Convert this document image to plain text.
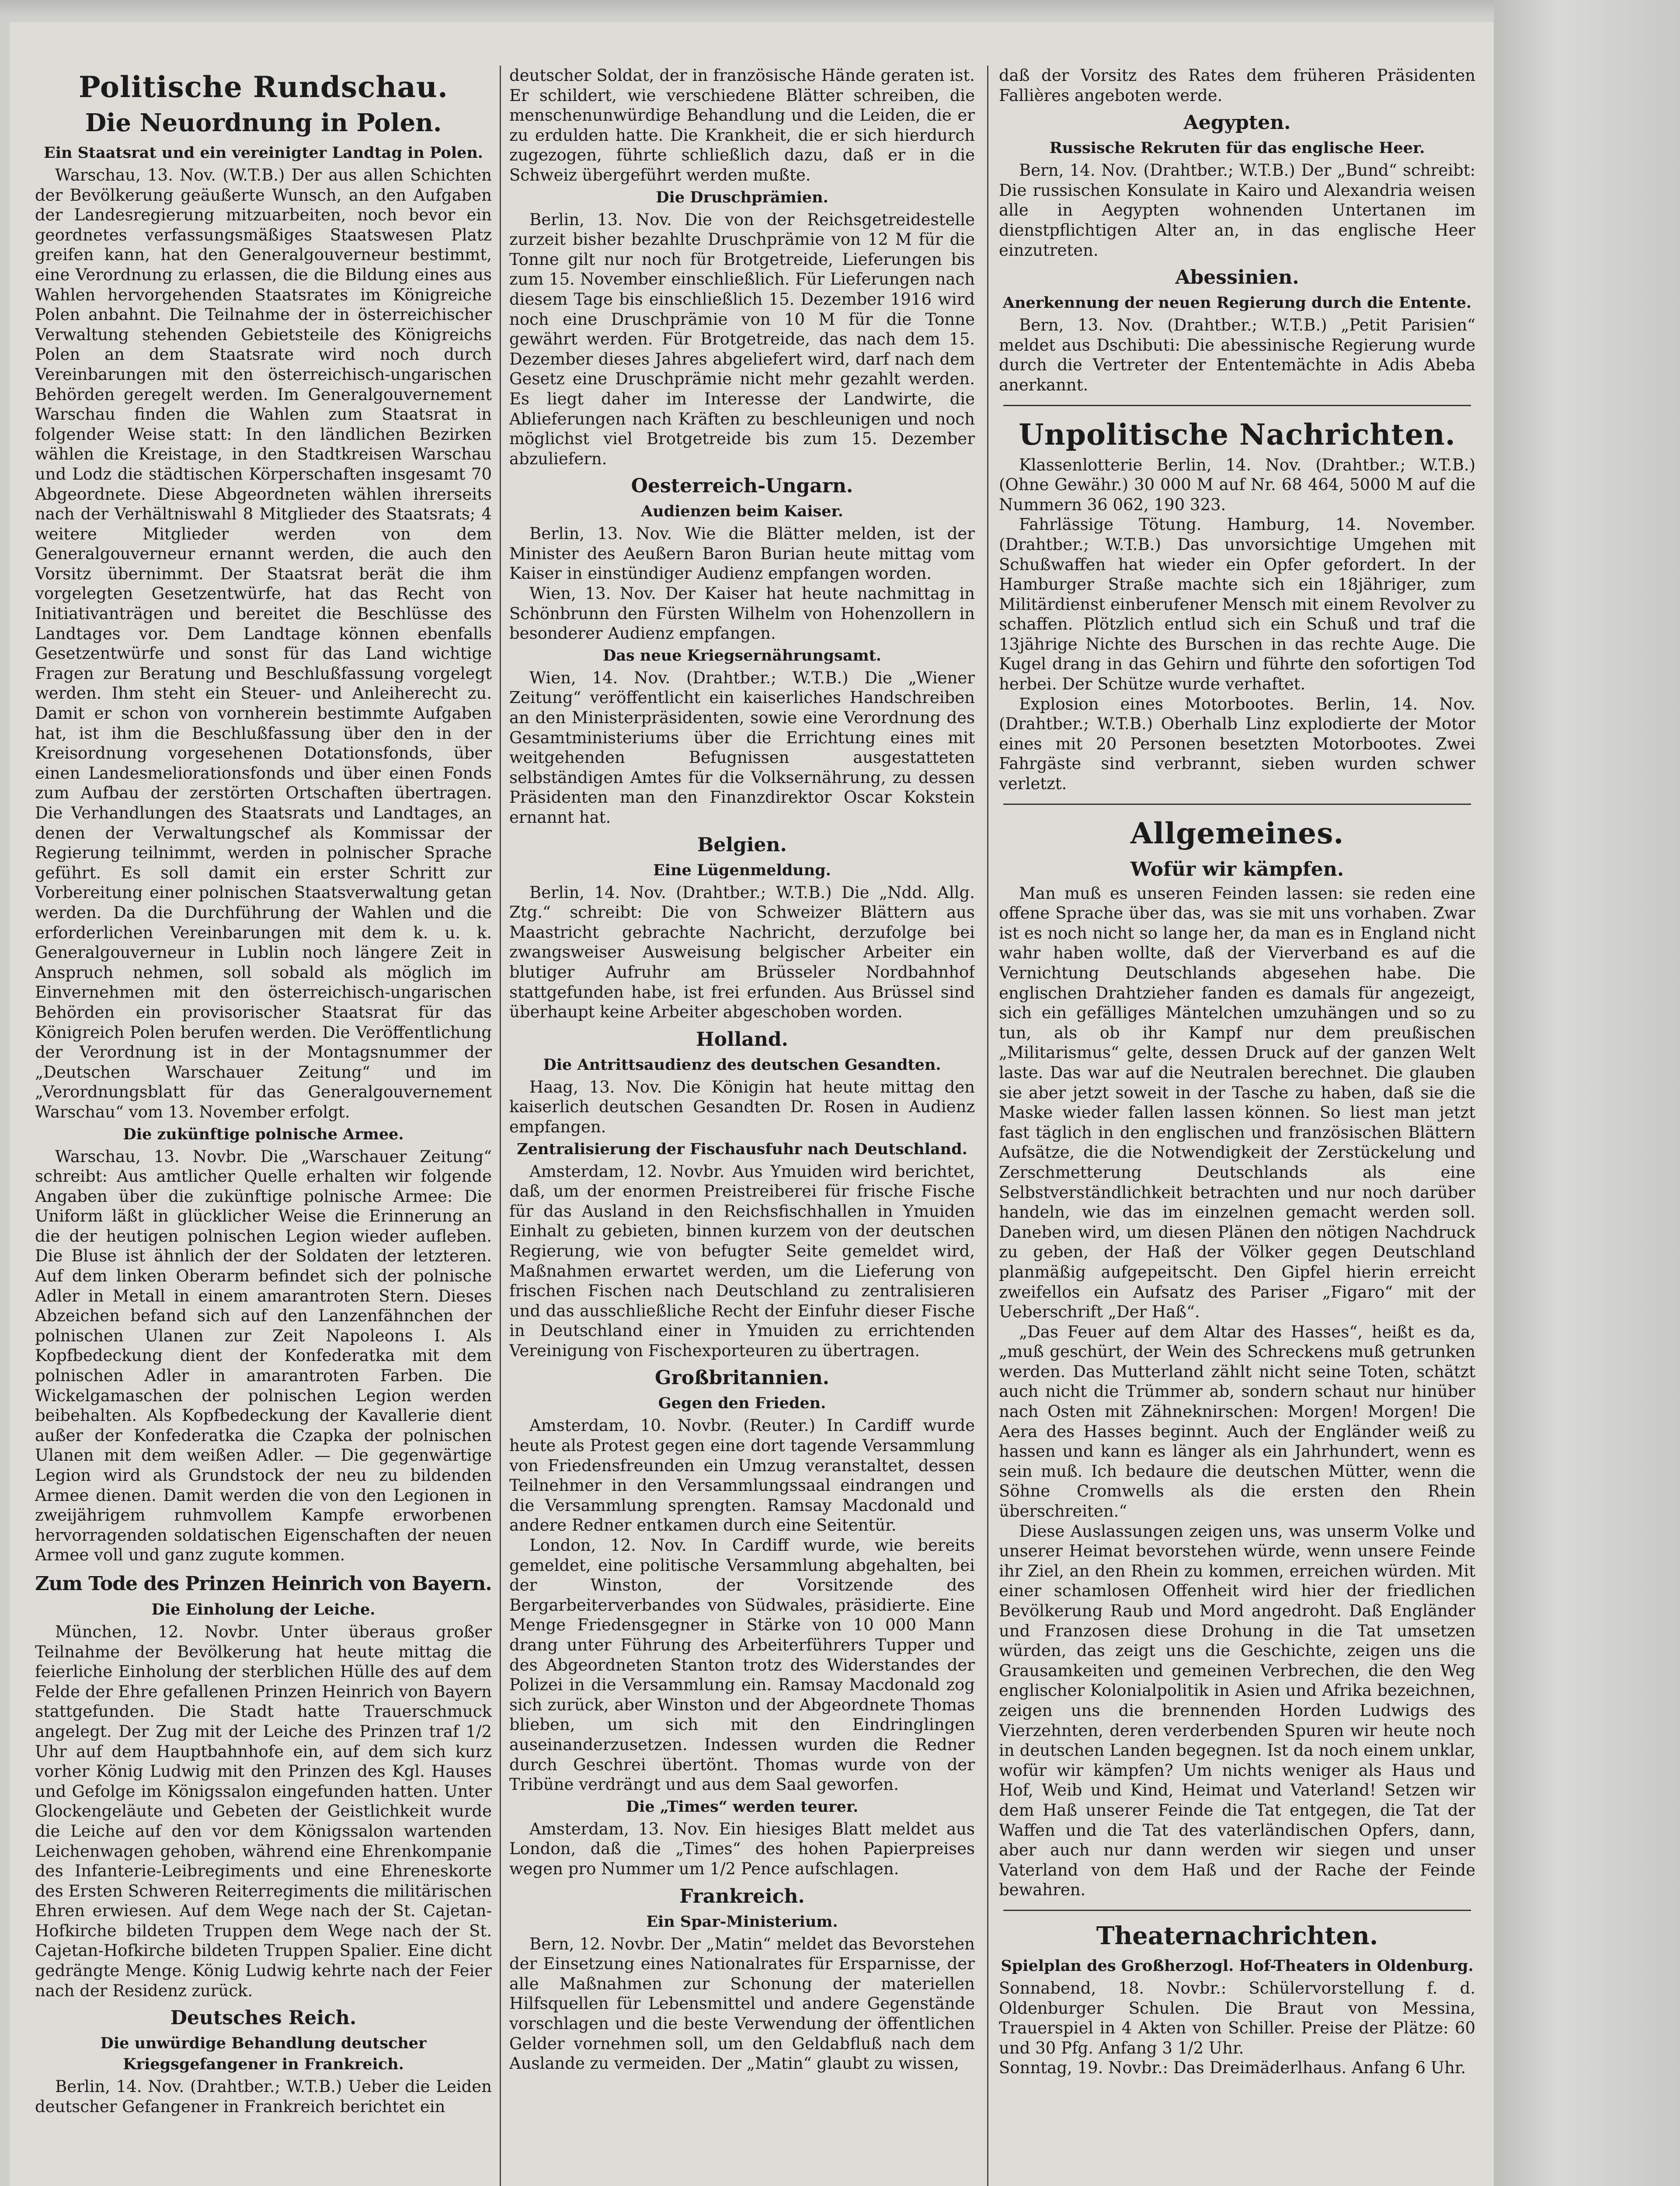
Politische Rundschau.
Die Neuordnung in Polen.
Ein Staatsrat und ein vereinigter Landtag in Polen.

Warschau, 13. Nov. (W.T.B.) Der aus allen Schichten der Bevölkerung geäußerte Wunsch, an den Aufgaben der Landesregierung mitzuarbeiten, noch bevor ein geordnetes verfassungsmäßiges Staatswesen Platz greifen kann, hat den Generalgouverneur bestimmt, eine Verordnung zu erlassen, die die Bildung eines aus Wahlen hervorgehenden Staatsrates im Königreiche Polen anbahnt. Die Teilnahme der in österreichischer Verwaltung stehenden Gebietsteile des Königreichs Polen an dem Staatsrate wird noch durch Vereinbarungen mit den österreichisch-ungarischen Behörden geregelt werden. Im Generalgouvernement Warschau finden die Wahlen zum Staatsrat in folgender Weise statt: In den ländlichen Bezirken wählen die Kreistage, in den Stadtkreisen Warschau und Lodz die städtischen Körperschaften insgesamt 70 Abgeordnete. Diese Abgeordneten wählen ihrerseits nach der Verhältniswahl 8 Mitglieder des Staatsrats; 4 weitere Mitglieder werden von dem Generalgouverneur ernannt werden, die auch den Vorsitz übernimmt. Der Staatsrat berät die ihm vorgelegten Gesetzentwürfe, hat das Recht von Initiativanträgen und bereitet die Beschlüsse des Landtages vor. Dem Landtage können ebenfalls Gesetzentwürfe und sonst für das Land wichtige Fragen zur Beratung und Beschlußfassung vorgelegt werden. Ihm steht ein Steuer- und Anleiherecht zu. Damit er schon von vornherein bestimmte Aufgaben hat, ist ihm die Beschlußfassung über den in der Kreisordnung vorgesehenen Dotationsfonds, über einen Landesmeliorationsfonds und über einen Fonds zum Aufbau der zerstörten Ortschaften übertragen. Die Verhandlungen des Staatsrats und Landtages, an denen der Verwaltungschef als Kommissar der Regierung teilnimmt, werden in polnischer Sprache geführt. Es soll damit ein erster Schritt zur Vorbereitung einer polnischen Staatsverwaltung getan werden. Da die Durchführung der Wahlen und die erforderlichen Vereinbarungen mit dem k. u. k. Generalgouverneur in Lublin noch längere Zeit in Anspruch nehmen, soll sobald als möglich im Einvernehmen mit den österreichisch-ungarischen Behörden ein provisorischer Staatsrat für das Königreich Polen berufen werden. Die Veröffentlichung der Verordnung ist in der Montagsnummer der „Deutschen Warschauer Zeitung“ und im „Verordnungsblatt für das Generalgouvernement Warschau“ vom 13. November erfolgt.

Die zukünftige polnische Armee.

Warschau, 13. Novbr. Die „Warschauer Zeitung“ schreibt: Aus amtlicher Quelle erhalten wir folgende Angaben über die zukünftige polnische Armee: Die Uniform läßt in glücklicher Weise die Erinnerung an die der heutigen polnischen Legion wieder aufleben. Die Bluse ist ähnlich der der Soldaten der letzteren. Auf dem linken Oberarm befindet sich der polnische Adler in Metall in einem amarantroten Stern. Dieses Abzeichen befand sich auf den Lanzenfähnchen der polnischen Ulanen zur Zeit Napoleons I. Als Kopfbedeckung dient der Konfederatka mit dem polnischen Adler in amarantroten Farben. Die Wickelgamaschen der polnischen Legion werden beibehalten. Als Kopfbedeckung der Kavallerie dient außer der Konfederatka die Czapka der polnischen Ulanen mit dem weißen Adler. — Die gegenwärtige Legion wird als Grundstock der neu zu bildenden Armee dienen. Damit werden die von den Legionen in zweijährigem ruhmvollem Kampfe erworbenen hervorragenden soldatischen Eigenschaften der neuen Armee voll und ganz zugute kommen.

Zum Tode des Prinzen Heinrich von Bayern.
Die Einholung der Leiche.

München, 12. Novbr. Unter überaus großer Teilnahme der Bevölkerung hat heute mittag die feierliche Einholung der sterblichen Hülle des auf dem Felde der Ehre gefallenen Prinzen Heinrich von Bayern stattgefunden. Die Stadt hatte Trauerschmuck angelegt. Der Zug mit der Leiche des Prinzen traf 1/2 Uhr auf dem Hauptbahnhofe ein, auf dem sich kurz vorher König Ludwig mit den Prinzen des Kgl. Hauses und Gefolge im Königssalon eingefunden hatten. Unter Glockengeläute und Gebeten der Geistlichkeit wurde die Leiche auf den vor dem Königssalon wartenden Leichenwagen gehoben, während eine Ehrenkompanie des Infanterie-Leibregiments und eine Ehreneskorte des Ersten Schweren Reiterregiments die militärischen Ehren erwiesen. Auf dem Wege nach der St. Cajetan-Hofkirche bildeten Truppen dem Wege nach der St. Cajetan-Hofkirche bildeten Truppen Spalier. Eine dicht gedrängte Menge. König Ludwig kehrte nach der Feier nach der Residenz zurück.

Deutsches Reich.
Die unwürdige Behandlung deutscher Kriegsgefangener in Frankreich.

Berlin, 14. Nov. (Drahtber.; W.T.B.) Ueber die Leiden deutscher Gefangener in Frankreich berichtet ein

deutscher Soldat, der in französische Hände geraten ist. Er schildert, wie verschiedene Blätter schreiben, die menschenunwürdige Behandlung und die Leiden, die er zu erdulden hatte. Die Krankheit, die er sich hierdurch zugezogen, führte schließlich dazu, daß er in die Schweiz übergeführt werden mußte.

Die Druschprämien.

Berlin, 13. Nov. Die von der Reichsgetreidestelle zurzeit bisher bezahlte Druschprämie von 12 M für die Tonne gilt nur noch für Brotgetreide, Lieferungen bis zum 15. November einschließlich. Für Lieferungen nach diesem Tage bis einschließlich 15. Dezember 1916 wird noch eine Druschprämie von 10 M für die Tonne gewährt werden. Für Brotgetreide, das nach dem 15. Dezember dieses Jahres abgeliefert wird, darf nach dem Gesetz eine Druschprämie nicht mehr gezahlt werden. Es liegt daher im Interesse der Landwirte, die Ablieferungen nach Kräften zu beschleunigen und noch möglichst viel Brotgetreide bis zum 15. Dezember abzuliefern.

Oesterreich-Ungarn.
Audienzen beim Kaiser.

Berlin, 13. Nov. Wie die Blätter melden, ist der Minister des Aeußern Baron Burian heute mittag vom Kaiser in einstündiger Audienz empfangen worden.

Wien, 13. Nov. Der Kaiser hat heute nachmittag in Schönbrunn den Fürsten Wilhelm von Hohenzollern in besonderer Audienz empfangen.

Das neue Kriegsernährungsamt.

Wien, 14. Nov. (Drahtber.; W.T.B.) Die „Wiener Zeitung“ veröffentlicht ein kaiserliches Handschreiben an den Ministerpräsidenten, sowie eine Verordnung des Gesamtministeriums über die Errichtung eines mit weitgehenden Befugnissen ausgestatteten selbständigen Amtes für die Volksernährung, zu dessen Präsidenten man den Finanzdirektor Oscar Kokstein ernannt hat.

Belgien.
Eine Lügenmeldung.

Berlin, 14. Nov. (Drahtber.; W.T.B.) Die „Ndd. Allg. Ztg.“ schreibt: Die von Schweizer Blättern aus Maastricht gebrachte Nachricht, derzufolge bei zwangsweiser Ausweisung belgischer Arbeiter ein blutiger Aufruhr am Brüsseler Nordbahnhof stattgefunden habe, ist frei erfunden. Aus Brüssel sind überhaupt keine Arbeiter abgeschoben worden.

Holland.
Die Antrittsaudienz des deutschen Gesandten.

Haag, 13. Nov. Die Königin hat heute mittag den kaiserlich deutschen Gesandten Dr. Rosen in Audienz empfangen.

Zentralisierung der Fischausfuhr nach Deutschland.

Amsterdam, 12. Novbr. Aus Ymuiden wird berichtet, daß, um der enormen Preistreiberei für frische Fische für das Ausland in den Reichsfischhallen in Ymuiden Einhalt zu gebieten, binnen kurzem von der deutschen Regierung, wie von befugter Seite gemeldet wird, Maßnahmen erwartet werden, um die Lieferung von frischen Fischen nach Deutschland zu zentralisieren und das ausschließliche Recht der Einfuhr dieser Fische in Deutschland einer in Ymuiden zu errichtenden Vereinigung von Fischexporteuren zu übertragen.

Großbritannien.
Gegen den Frieden.

Amsterdam, 10. Novbr. (Reuter.) In Cardiff wurde heute als Protest gegen eine dort tagende Versammlung von Friedensfreunden ein Umzug veranstaltet, dessen Teilnehmer in den Versammlungssaal eindrangen und die Versammlung sprengten. Ramsay Macdonald und andere Redner entkamen durch eine Seitentür.

London, 12. Nov. In Cardiff wurde, wie bereits gemeldet, eine politische Versammlung abgehalten, bei der Winston, der Vorsitzende des Bergarbeiterverbandes von Südwales, präsidierte. Eine Menge Friedensgegner in Stärke von 10 000 Mann drang unter Führung des Arbeiterführers Tupper und des Abgeordneten Stanton trotz des Widerstandes der Polizei in die Versammlung ein. Ramsay Macdonald zog sich zurück, aber Winston und der Abgeordnete Thomas blieben, um sich mit den Eindringlingen auseinanderzusetzen. Indessen wurden die Redner durch Geschrei übertönt. Thomas wurde von der Tribüne verdrängt und aus dem Saal geworfen.

Die „Times“ werden teurer.

Amsterdam, 13. Nov. Ein hiesiges Blatt meldet aus London, daß die „Times“ des hohen Papierpreises wegen pro Nummer um 1/2 Pence aufschlagen.

Frankreich.
Ein Spar-Ministerium.

Bern, 12. Novbr. Der „Matin“ meldet das Bevorstehen der Einsetzung eines Nationalrates für Ersparnisse, der alle Maßnahmen zur Schonung der materiellen Hilfsquellen für Lebensmittel und andere Gegenstände vorschlagen und die beste Verwendung der öffentlichen Gelder vornehmen soll, um den Geldabfluß nach dem Auslande zu vermeiden. Der „Matin“ glaubt zu wissen,

daß der Vorsitz des Rates dem früheren Präsidenten Fallières angeboten werde.

Aegypten.
Russische Rekruten für das englische Heer.

Bern, 14. Nov. (Drahtber.; W.T.B.) Der „Bund“ schreibt: Die russischen Konsulate in Kairo und Alexandria weisen alle in Aegypten wohnenden Untertanen im dienstpflichtigen Alter an, in das englische Heer einzutreten.

Abessinien.
Anerkennung der neuen Regierung durch die Entente.

Bern, 13. Nov. (Drahtber.; W.T.B.) „Petit Parisien“ meldet aus Dschibuti: Die abessinische Regierung wurde durch die Vertreter der Ententemächte in Adis Abeba anerkannt.

Unpolitische Nachrichten.

Klassenlotterie Berlin, 14. Nov. (Drahtber.; W.T.B.) (Ohne Gewähr.) 30 000 M auf Nr. 68 464, 5000 M auf die Nummern 36 062, 190 323.

Fahrlässige Tötung. Hamburg, 14. November. (Drahtber.; W.T.B.) Das unvorsichtige Umgehen mit Schußwaffen hat wieder ein Opfer gefordert. In der Hamburger Straße machte sich ein 18jähriger, zum Militärdienst einberufener Mensch mit einem Revolver zu schaffen. Plötzlich entlud sich ein Schuß und traf die 13jährige Nichte des Burschen in das rechte Auge. Die Kugel drang in das Gehirn und führte den sofortigen Tod herbei. Der Schütze wurde verhaftet.

Explosion eines Motorbootes. Berlin, 14. Nov. (Drahtber.; W.T.B.) Oberhalb Linz explodierte der Motor eines mit 20 Personen besetzten Motorbootes. Zwei Fahrgäste sind verbrannt, sieben wurden schwer verletzt.

Allgemeines.
Wofür wir kämpfen.

Man muß es unseren Feinden lassen: sie reden eine offene Sprache über das, was sie mit uns vorhaben. Zwar ist es noch nicht so lange her, da man es in England nicht wahr haben wollte, daß der Vierverband es auf die Vernichtung Deutschlands abgesehen habe. Die englischen Drahtzieher fanden es damals für angezeigt, sich ein gefälliges Mäntelchen umzuhängen und so zu tun, als ob ihr Kampf nur dem preußischen „Militarismus“ gelte, dessen Druck auf der ganzen Welt laste. Das war auf die Neutralen berechnet. Die glauben sie aber jetzt soweit in der Tasche zu haben, daß sie die Maske wieder fallen lassen können. So liest man jetzt fast täglich in den englischen und französischen Blättern Aufsätze, die die Notwendigkeit der Zerstückelung und Zerschmetterung Deutschlands als eine Selbstverständlichkeit betrachten und nur noch darüber handeln, wie das im einzelnen gemacht werden soll. Daneben wird, um diesen Plänen den nötigen Nachdruck zu geben, der Haß der Völker gegen Deutschland planmäßig aufgepeitscht. Den Gipfel hierin erreicht zweifellos ein Aufsatz des Pariser „Figaro“ mit der Ueberschrift „Der Haß“.

„Das Feuer auf dem Altar des Hasses“, heißt es da, „muß geschürt, der Wein des Schreckens muß getrunken werden. Das Mutterland zählt nicht seine Toten, schätzt auch nicht die Trümmer ab, sondern schaut nur hinüber nach Osten mit Zähneknirschen: Morgen! Morgen! Die Aera des Hasses beginnt. Auch der Engländer weiß zu hassen und kann es länger als ein Jahrhundert, wenn es sein muß. Ich bedaure die deutschen Mütter, wenn die Söhne Cromwells als die ersten den Rhein überschreiten.“

Diese Auslassungen zeigen uns, was unserm Volke und unserer Heimat bevorstehen würde, wenn unsere Feinde ihr Ziel, an den Rhein zu kommen, erreichen würden. Mit einer schamlosen Offenheit wird hier der friedlichen Bevölkerung Raub und Mord angedroht. Daß Engländer und Franzosen diese Drohung in die Tat umsetzen würden, das zeigt uns die Geschichte, zeigen uns die Grausamkeiten und gemeinen Verbrechen, die den Weg englischer Kolonialpolitik in Asien und Afrika bezeichnen, zeigen uns die brennenden Horden Ludwigs des Vierzehnten, deren verderbenden Spuren wir heute noch in deutschen Landen begegnen. Ist da noch einem unklar, wofür wir kämpfen? Um nichts weniger als Haus und Hof, Weib und Kind, Heimat und Vaterland! Setzen wir dem Haß unserer Feinde die Tat entgegen, die Tat der Waffen und die Tat des vaterländischen Opfers, dann, aber auch nur dann werden wir siegen und unser Vaterland von dem Haß und der Rache der Feinde bewahren.

Theaternachrichten.
Spielplan des Großherzogl. Hof-Theaters in Oldenburg.

Sonnabend, 18. Novbr.: Schülervorstellung f. d. Oldenburger Schulen. Die Braut von Messina, Trauerspiel in 4 Akten von Schiller. Preise der Plätze: 60 und 30 Pfg. Anfang 3 1/2 Uhr.

Sonntag, 19. Novbr.: Das Dreimäderlhaus. Anfang 6 Uhr.
